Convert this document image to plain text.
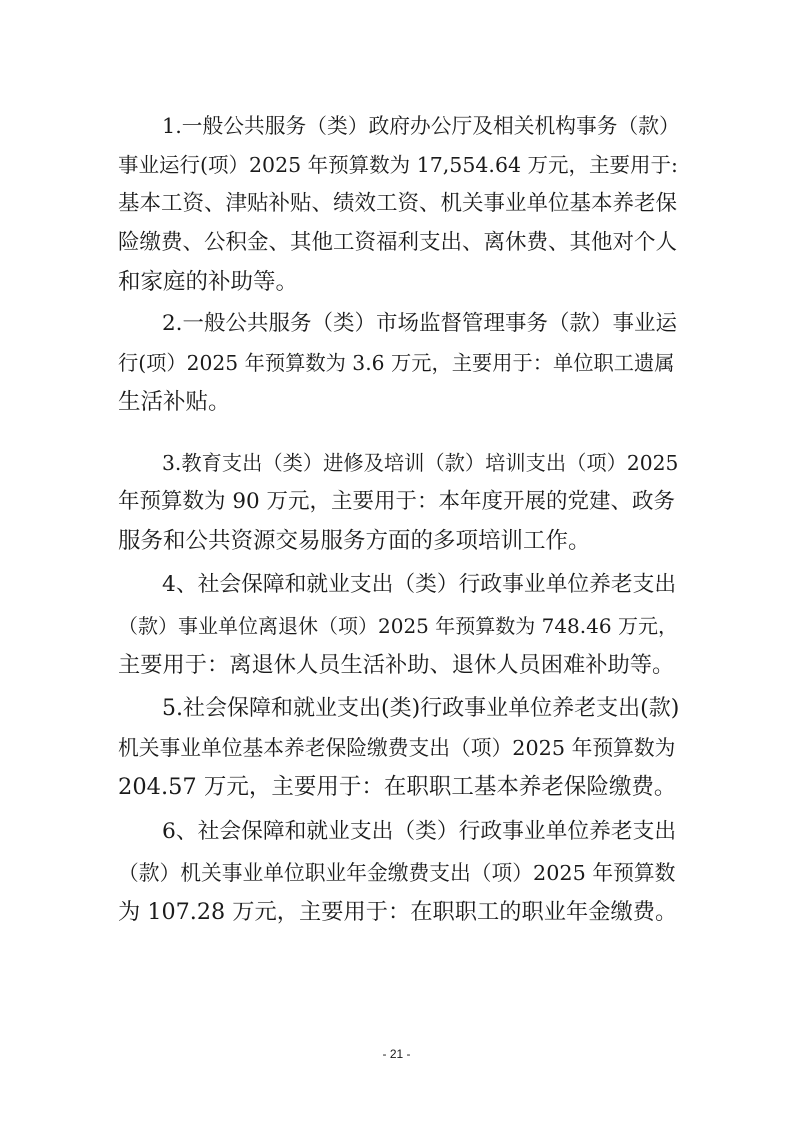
1.一般公共服务（类）政府办公厅及相关机构事务（款）
事业运行(项）2025 年预算数为 17,554.64 万元，主要用于:
基本工资、津贴补贴、绩效工资、机关事业单位基本养老保
险缴费、公积金、其他工资福利支出、离休费、其他对个人
和家庭的补助等。
2.一般公共服务（类）市场监督管理事务（款）事业运
行(项）2025 年预算数为 3.6 万元，主要用于：单位职工遗属
生活补贴。
3.教育支出（类）进修及培训（款）培训支出（项）2025
年预算数为 90 万元，主要用于：本年度开展的党建、政务
服务和公共资源交易服务方面的多项培训工作。
4、社会保障和就业支出（类）行政事业单位养老支出
（款）事业单位离退休（项）2025 年预算数为 748.46 万元，
主要用于：离退休人员生活补助、退休人员困难补助等。
5.社会保障和就业支出(类)行政事业单位养老支出(款)
机关事业单位基本养老保险缴费支出（项）2025 年预算数为
204.57 万元，主要用于：在职职工基本养老保险缴费。
6、社会保障和就业支出（类）行政事业单位养老支出
（款）机关事业单位职业年金缴费支出（项）2025 年预算数
为 107.28 万元，主要用于：在职职工的职业年金缴费。
- 21 -
